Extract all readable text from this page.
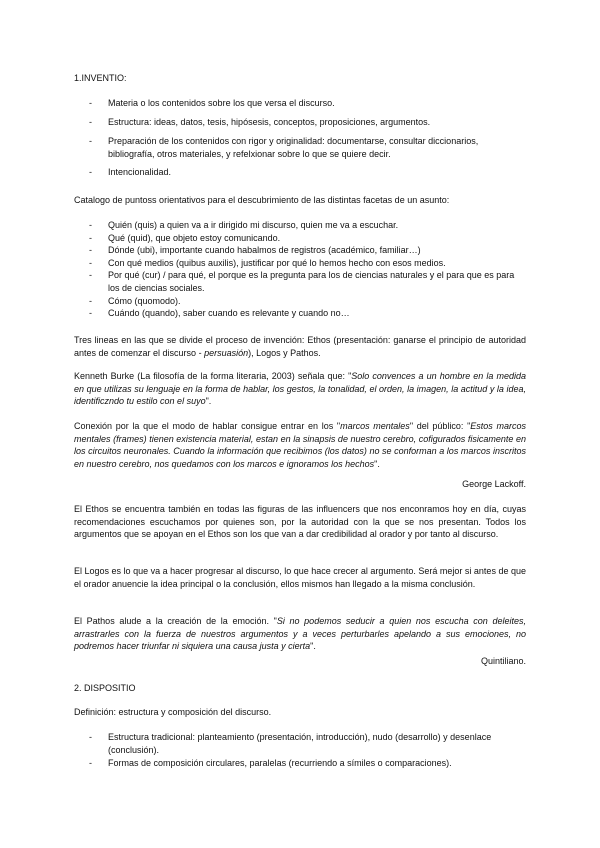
1.INVENTIO:

- Materia o los contenidos sobre los que versa el discurso.
- Estructura: ideas, datos, tesis, hipósesis, conceptos, proposiciones, argumentos.
- Preparación de los contenidos con rigor y originalidad: documentarse, consultar diccionarios, bibliografía, otros materiales, y refelxionar sobre lo que se quiere decir.
- Intencionalidad.

Catalogo de puntoss orientativos para el descubrimiento de las distintas facetas de un asunto:

- Quién (quis) a quien va a ir dirigido mi discurso, quien me va a escuchar.
- Qué (quid), que objeto estoy comunicando.
- Dónde (ubi), importante cuando habalmos de registros (académico, familiar…)
- Con qué medios (quibus auxilis), justificar por qué lo hemos hecho con esos medios.
- Por qué (cur) / para qué, el porque es la pregunta para los de ciencias naturales y el para que es para los de ciencias sociales.
- Cómo (quomodo).
- Cuándo (quando), saber cuando es relevante y cuando no…

Tres lineas en las que se divide el proceso de invención: Ethos (presentación: ganarse el principio de autoridad antes de comenzar el discurso - persuasión), Logos y Pathos.

Kenneth Burke (La filosofía de la forma literaria, 2003) señala que: "Solo convences a un hombre en la medida en que utilizas su lenguaje en la forma de hablar, los gestos, la tonalidad, el orden, la imagen, la actitud y la idea, identificzndo tu estilo con el suyo".

Conexión por la que el modo de hablar consigue entrar en los "marcos mentales" del público: "Estos marcos mentales (frames) tienen existencia material, estan en la sinapsis de nuestro cerebro, cofigurados fisicamente en los circuitos neuronales. Cuando la información que recibimos (los datos) no se conforman a los marcos inscritos en nuestro cerebro, nos quedamos con los marcos e ignoramos los hechos".

George Lackoff.

El Ethos se encuentra también en todas las figuras de las influencers que nos enconramos hoy en día, cuyas recomendaciones escuchamos por quienes son, por la autoridad con la que se nos presentan. Todos los argumentos que se apoyan en el Ethos son los que van a dar credibilidad al orador y por tanto al discurso.

El Logos es lo que va a hacer progresar al discurso, lo que hace crecer al argumento. Será mejor si antes de que el orador anuencie la idea principal o la conclusión, ellos mismos han llegado a la misma conclusión.

El Pathos alude a la creación de la emoción. "Si no podemos seducir a quien nos escucha con deleites, arrastrarles con la fuerza de nuestros argumentos y a veces perturbarles apelando a sus emociones, no podremos hacer triunfar ni siquiera una causa justa y cierta".

Quintiliano.

2. DISPOSITIO

Definición: estructura y composición del discurso.

- Estructura tradicional: planteamiento (presentación, introducción), nudo (desarrollo) y desenlace (conclusión).
- Formas de composición circulares, paralelas (recurriendo a símiles o comparaciones).
